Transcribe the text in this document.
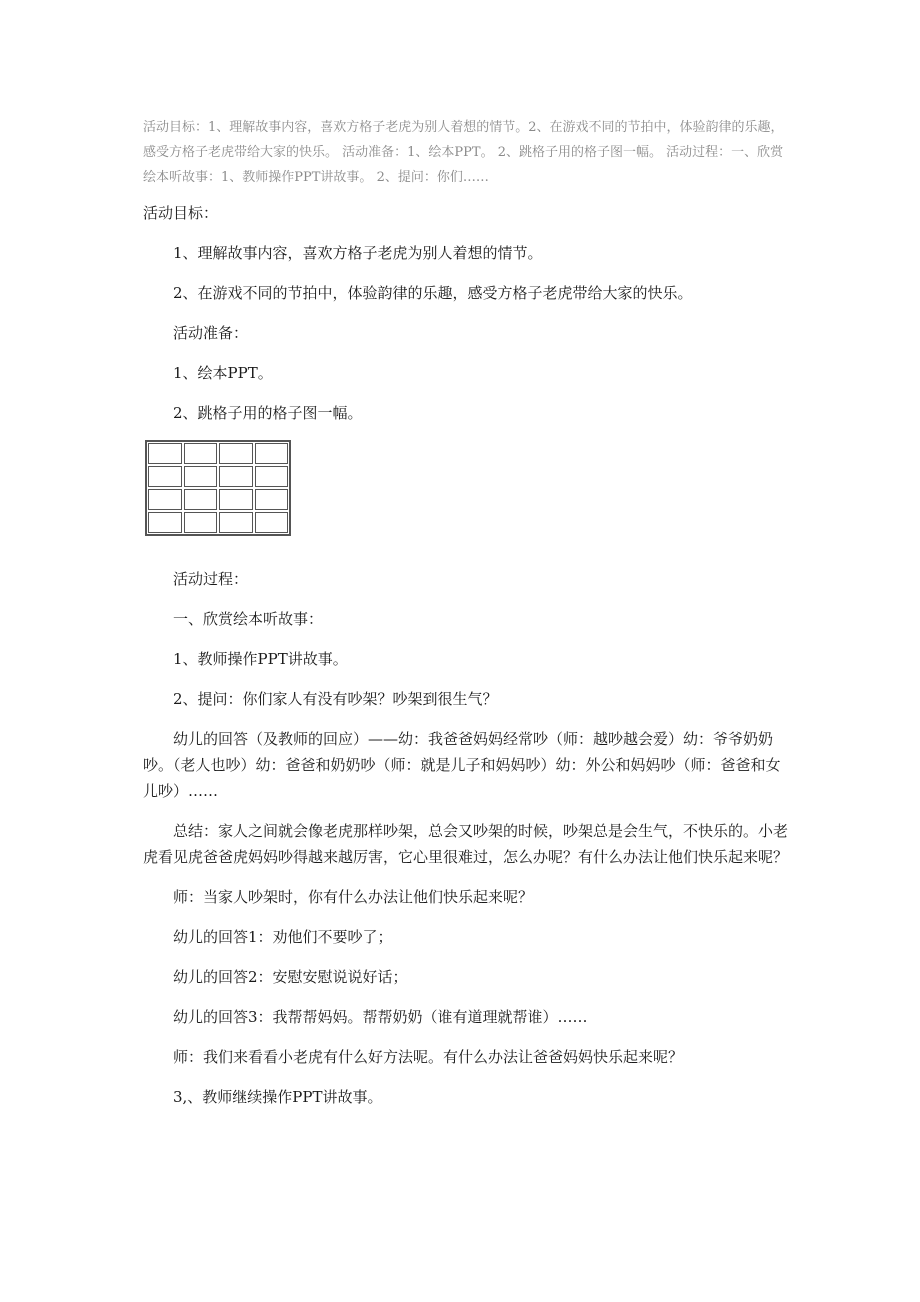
活动目标：1、理解故事内容，喜欢方格子老虎为别人着想的情节。2、在游戏不同的节拍中，体验韵律的乐趣，感受方格子老虎带给大家的快乐。 活动准备：1、绘本PPT。 2、跳格子用的格子图一幅。 活动过程：一、欣赏绘本听故事：1、教师操作PPT讲故事。 2、提问：你们……

活动目标：

1、理解故事内容，喜欢方格子老虎为别人着想的情节。

2、在游戏不同的节拍中，体验韵律的乐趣，感受方格子老虎带给大家的快乐。

活动准备：

1、绘本PPT。

2、跳格子用的格子图一幅。

活动过程：

一、欣赏绘本听故事：

1、教师操作PPT讲故事。

2、提问：你们家人有没有吵架？吵架到很生气？

幼儿的回答（及教师的回应）——幼：我爸爸妈妈经常吵（师：越吵越会爱）幼：爷爷奶奶吵。（老人也吵）幼：爸爸和奶奶吵（师：就是儿子和妈妈吵）幼：外公和妈妈吵（师：爸爸和女儿吵）……

总结：家人之间就会像老虎那样吵架，总会又吵架的时候，吵架总是会生气，不快乐的。小老虎看见虎爸爸虎妈妈吵得越来越厉害，它心里很难过，怎么办呢？有什么办法让他们快乐起来呢？

师：当家人吵架时，你有什么办法让他们快乐起来呢？

幼儿的回答1：劝他们不要吵了；

幼儿的回答2：安慰安慰说说好话；

幼儿的回答3：我帮帮妈妈。帮帮奶奶（谁有道理就帮谁）……

师：我们来看看小老虎有什么好方法呢。有什么办法让爸爸妈妈快乐起来呢？

3,、教师继续操作PPT讲故事。
